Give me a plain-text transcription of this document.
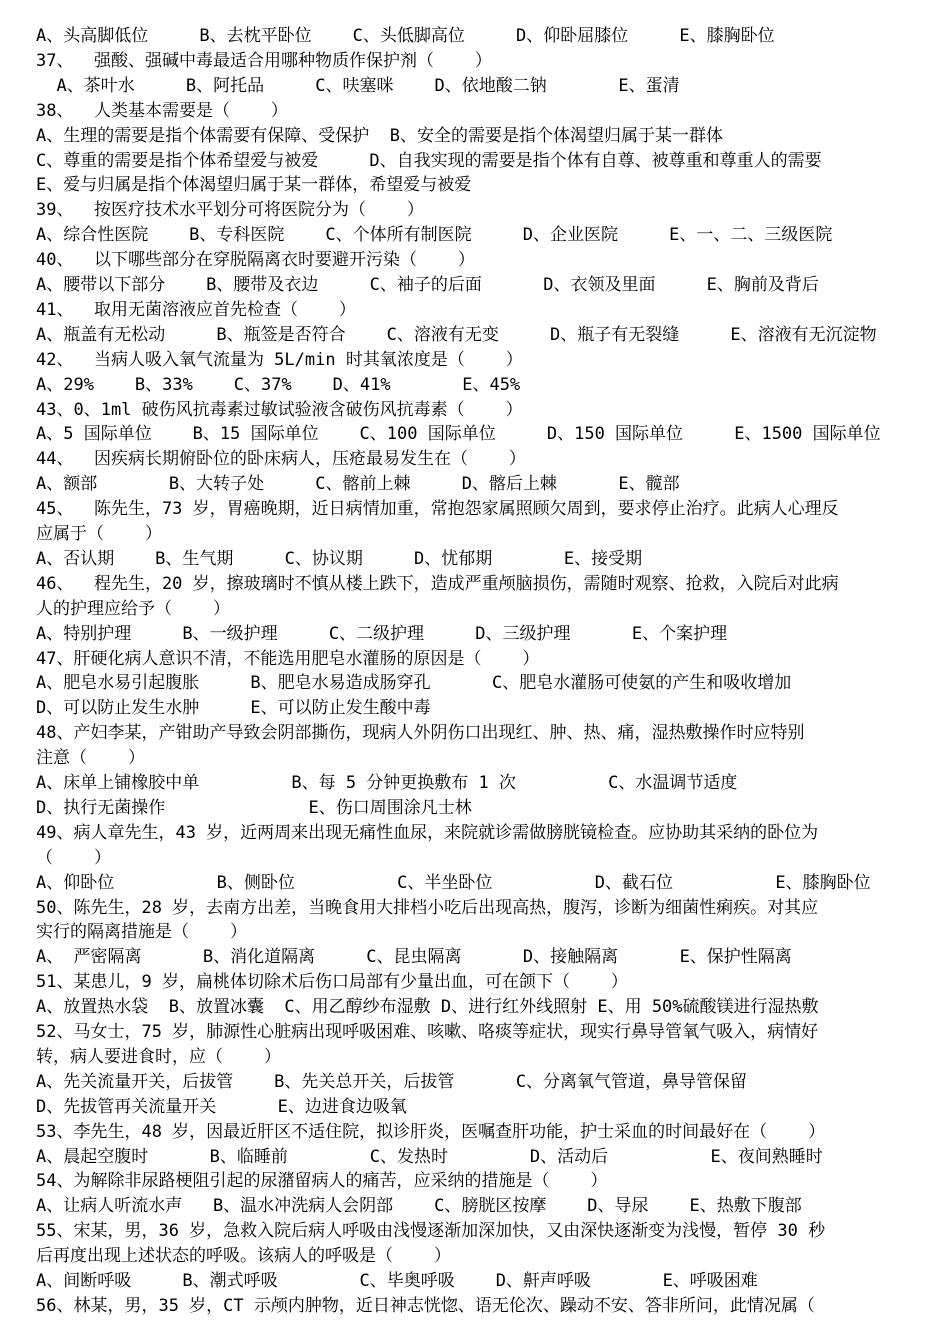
A、头高脚低位     B、去枕平卧位    C、头低脚高位     D、仰卧屈膝位     E、膝胸卧位
37、  强酸、强碱中毒最适合用哪种物质作保护剂（    ）
A、茶叶水     B、阿托品     C、呋塞咪    D、依地酸二钠       E、蛋清
38、  人类基本需要是（    ）
A、生理的需要是指个体需要有保障、受保护  B、安全的需要是指个体渴望归属于某一群体
C、尊重的需要是指个体希望爱与被爱     D、自我实现的需要是指个体有自尊、被尊重和尊重人的需要
E、爱与归属是指个体渴望归属于某一群体，希望爱与被爱
39、  按医疗技术水平划分可将医院分为（    ）
A、综合性医院    B、专科医院    C、个体所有制医院     D、企业医院     E、一、二、三级医院
40、  以下哪些部分在穿脱隔离衣时要避开污染（    ）
A、腰带以下部分    B、腰带及衣边     C、袖子的后面      D、衣领及里面     E、胸前及背后
41、  取用无菌溶液应首先检查（    ）
A、瓶盖有无松动     B、瓶签是否符合    C、溶液有无变     D、瓶子有无裂缝     E、溶液有无沉淀物
42、  当病人吸入氧气流量为 5L/min 时其氧浓度是（    ）
A、29%    B、33%    C、37%    D、41%       E、45%
43、0、1ml 破伤风抗毒素过敏试验液含破伤风抗毒素（    ）
A、5 国际单位    B、15 国际单位    C、100 国际单位     D、150 国际单位     E、1500 国际单位
44、  因疾病长期俯卧位的卧床病人，压疮最易发生在（    ）
A、额部       B、大转子处     C、髂前上棘     D、髂后上棘      E、髋部
45、  陈先生，73 岁，胃癌晚期，近日病情加重，常抱怨家属照顾欠周到，要求停止治疗。此病人心理反
应属于（    ）
A、否认期    B、生气期     C、协议期     D、忧郁期       E、接受期
46、  程先生，20 岁，擦玻璃时不慎从楼上跌下，造成严重颅脑损伤，需随时观察、抢救，入院后对此病
人的护理应给予（    ）
A、特别护理     B、一级护理     C、二级护理     D、三级护理      E、个案护理
47、肝硬化病人意识不清，不能选用肥皂水灌肠的原因是（    ）
A、肥皂水易引起腹胀     B、肥皂水易造成肠穿孔      C、肥皂水灌肠可使氨的产生和吸收增加
D、可以防止发生水肿     E、可以防止发生酸中毒
48、产妇李某，产钳助产导致会阴部撕伤，现病人外阴伤口出现红、肿、热、痛，湿热敷操作时应特别
注意（    ）
A、床单上铺橡胶中单         B、每 5 分钟更换敷布 1 次         C、水温调节适度
D、执行无菌操作              E、伤口周围涂凡士林
49、病人章先生，43 岁，近两周来出现无痛性血尿，来院就诊需做膀胱镜检查。应协助其采纳的卧位为
（    ）
A、仰卧位          B、侧卧位          C、半坐卧位          D、截石位          E、膝胸卧位
50、陈先生，28 岁，去南方出差，当晚食用大排档小吃后出现高热，腹泻，诊断为细菌性痢疾。对其应
实行的隔离措施是（    ）
A、 严密隔离      B、消化道隔离     C、昆虫隔离      D、接触隔离      E、保护性隔离
51、某患儿，9 岁，扁桃体切除术后伤口局部有少量出血，可在颌下（    ）
A、放置热水袋  B、放置冰囊  C、用乙醇纱布湿敷 D、进行红外线照射 E、用 50%硫酸镁进行湿热敷
52、马女士，75 岁，肺源性心脏病出现呼吸困难、咳嗽、咯痰等症状，现实行鼻导管氧气吸入，病情好
转，病人要进食时，应（    ）
A、先关流量开关，后拔管    B、先关总开关，后拔管      C、分离氧气管道，鼻导管保留
D、先拔管再关流量开关      E、边进食边吸氧
53、李先生，48 岁，因最近肝区不适住院，拟诊肝炎，医嘱查肝功能，护士采血的时间最好在（    ）
A、晨起空腹时      B、临睡前        C、发热时        D、活动后          E、夜间熟睡时
54、为解除非尿路梗阻引起的尿潴留病人的痛苦，应采纳的措施是（    ）
A、让病人听流水声   B、温水冲洗病人会阴部    C、膀胱区按摩    D、导尿    E、热敷下腹部
55、宋某，男，36 岁，急救入院后病人呼吸由浅慢逐渐加深加快，又由深快逐渐变为浅慢，暂停 30 秒
后再度出现上述状态的呼吸。该病人的呼吸是（    ）
A、间断呼吸     B、潮式呼吸        C、毕奥呼吸    D、鼾声呼吸       E、呼吸困难
56、林某，男，35 岁，CT 示颅内肿物，近日神志恍惚、语无伦次、躁动不安、答非所问，此情况属（
